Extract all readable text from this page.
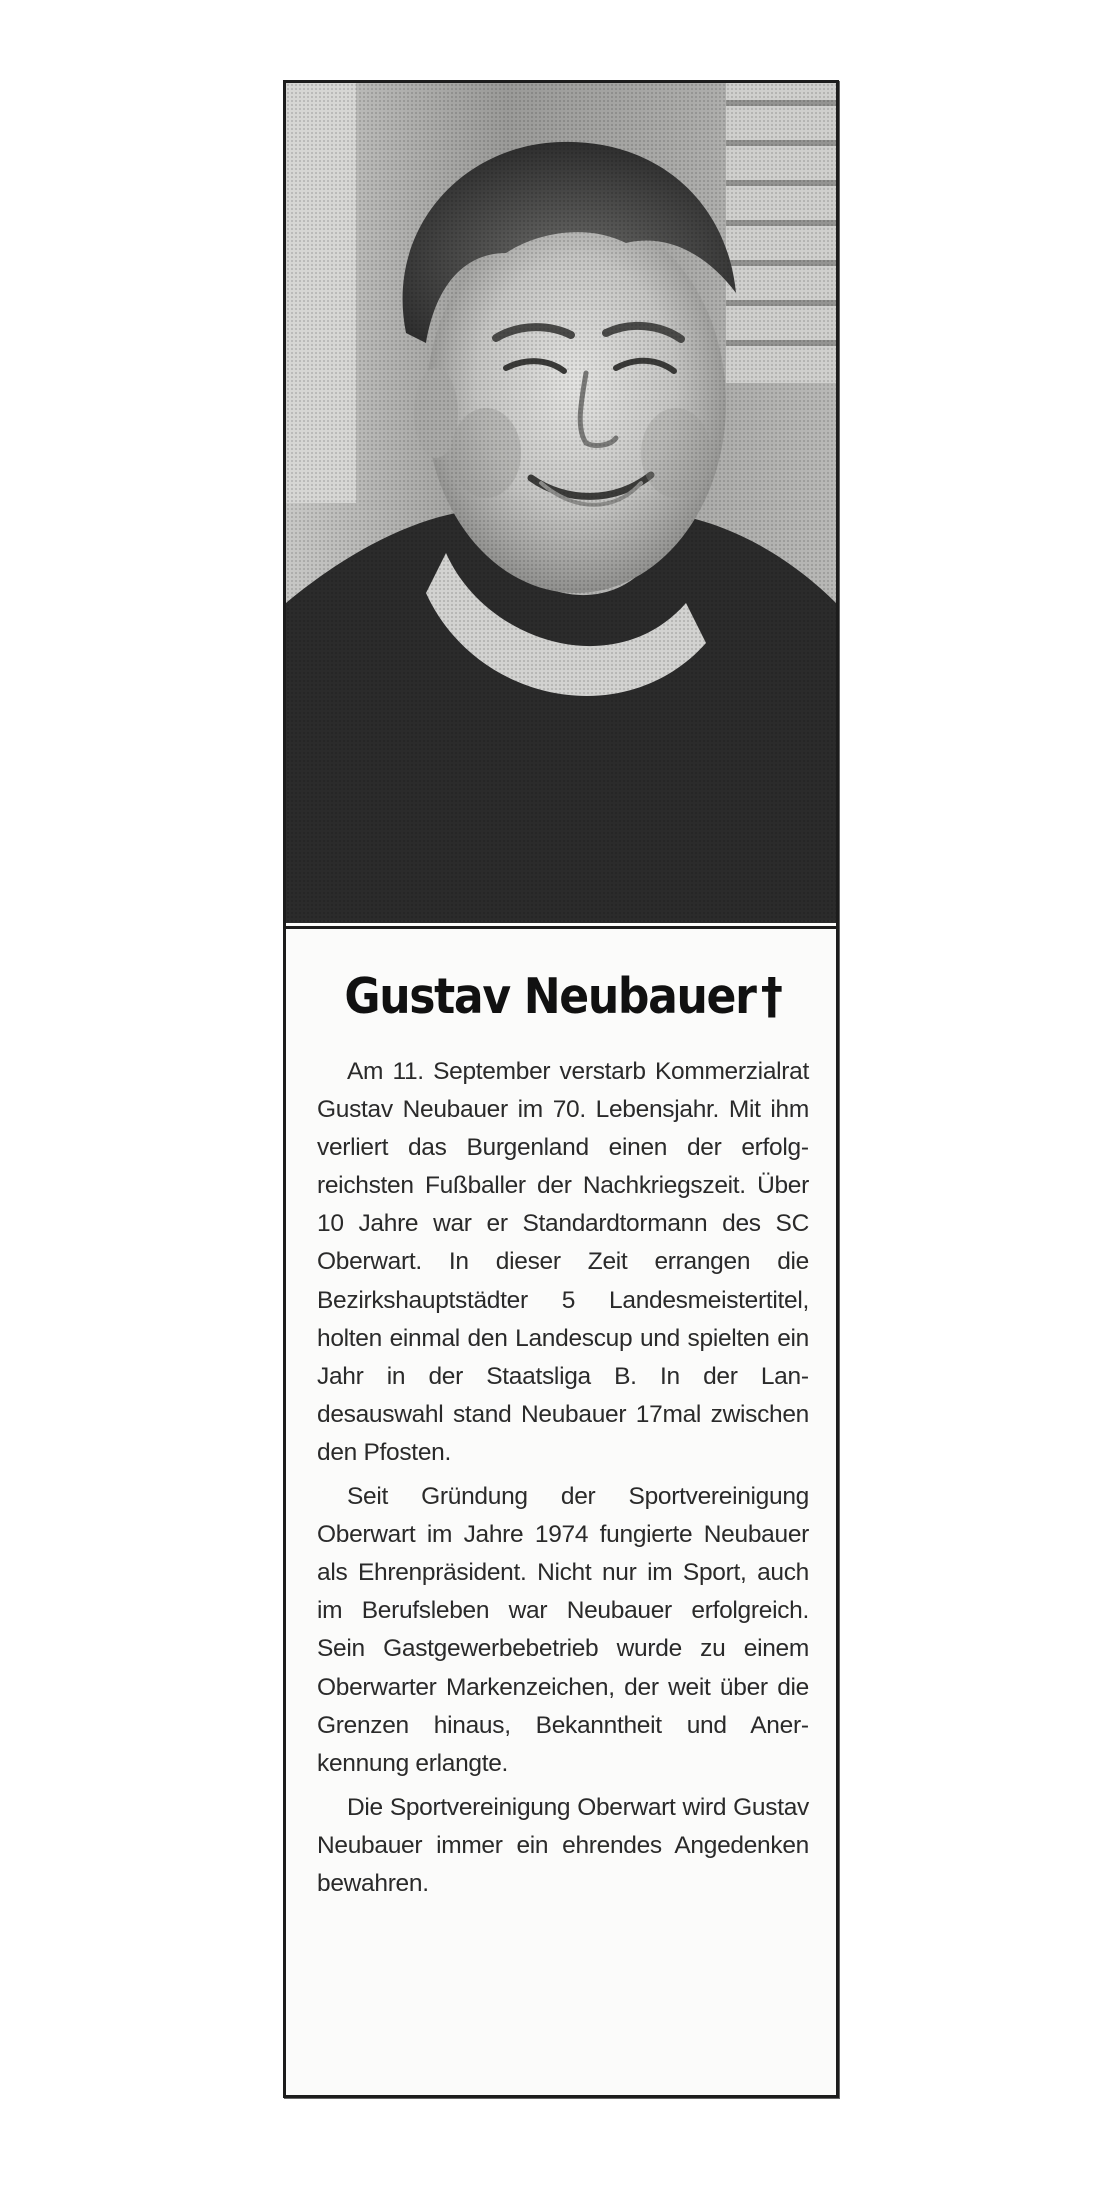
Gustav Neubauer †

Am 11. September verstarb Kommerzialrat Gustav Neubauer im 70. Lebensjahr. Mit ihm verliert das Burgenland einen der erfolgreichsten Fußballer der Nachkriegszeit. Über 10 Jahre war er Standardtormann des SC Oberwart. In dieser Zeit errangen die Bezirkshauptstädter 5 Landesmeistertitel, holten einmal den Landescup und spielten ein Jahr in der Staatsliga B. In der Landesauswahl stand Neubauer 17mal zwischen den Pfosten.

Seit Gründung der Sportvereinigung Oberwart im Jahre 1974 fungierte Neubauer als Ehrenpräsident. Nicht nur im Sport, auch im Berufsleben war Neubauer erfolgreich. Sein Gastgewerbebetrieb wurde zu einem Oberwarter Markenzeichen, der weit über die Grenzen hinaus, Bekanntheit und Anerkennung erlangte.

Die Sportvereinigung Oberwart wird Gustav Neubauer immer ein ehrendes Angedenken bewahren.
